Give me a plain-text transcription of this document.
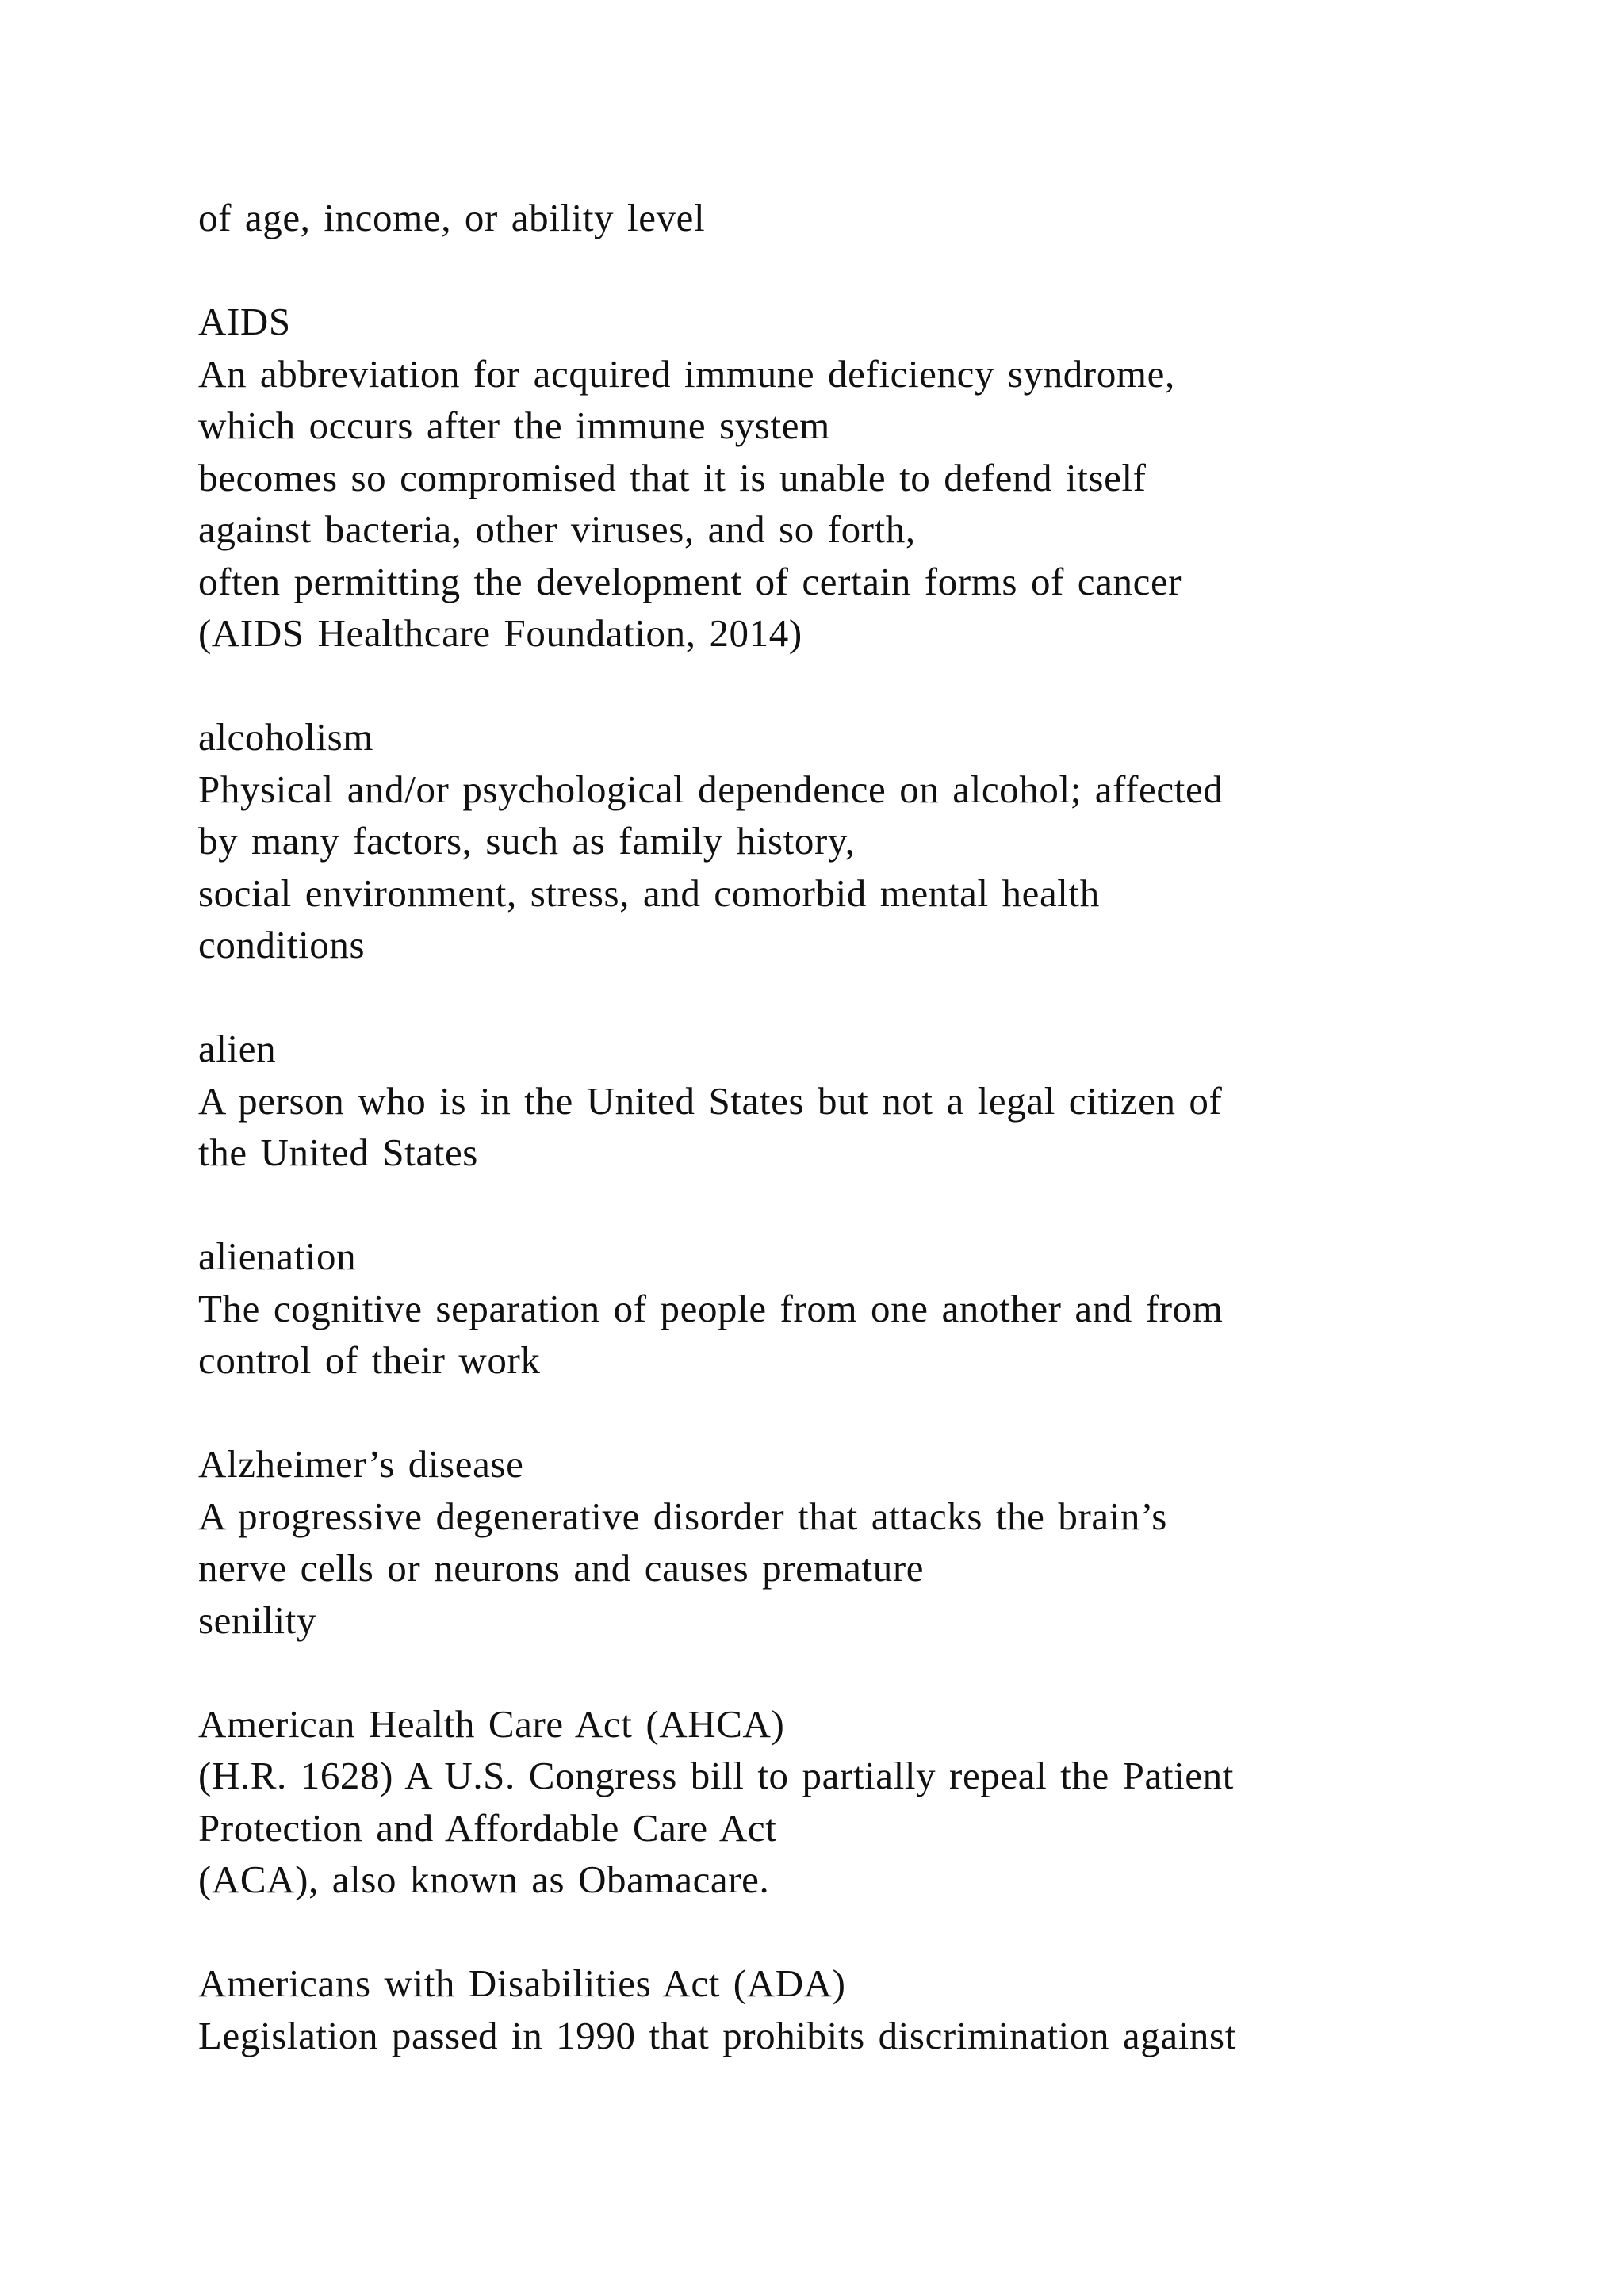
of age, income, or ability level
AIDS
An abbreviation for acquired immune deficiency syndrome,
which occurs after the immune system
becomes so compromised that it is unable to defend itself
against bacteria, other viruses, and so forth,
often permitting the development of certain forms of cancer
(AIDS Healthcare Foundation, 2014)
alcoholism
Physical and/or psychological dependence on alcohol; affected
by many factors, such as family history,
social environment, stress, and comorbid mental health
conditions
alien
A person who is in the United States but not a legal citizen of
the United States
alienation
The cognitive separation of people from one another and from
control of their work
Alzheimer’s disease
A progressive degenerative disorder that attacks the brain’s
nerve cells or neurons and causes premature
senility
American Health Care Act (AHCA)
(H.R. 1628) A U.S. Congress bill to partially repeal the Patient
Protection and Affordable Care Act
(ACA), also known as Obamacare.
Americans with Disabilities Act (ADA)
Legislation passed in 1990 that prohibits discrimination against
